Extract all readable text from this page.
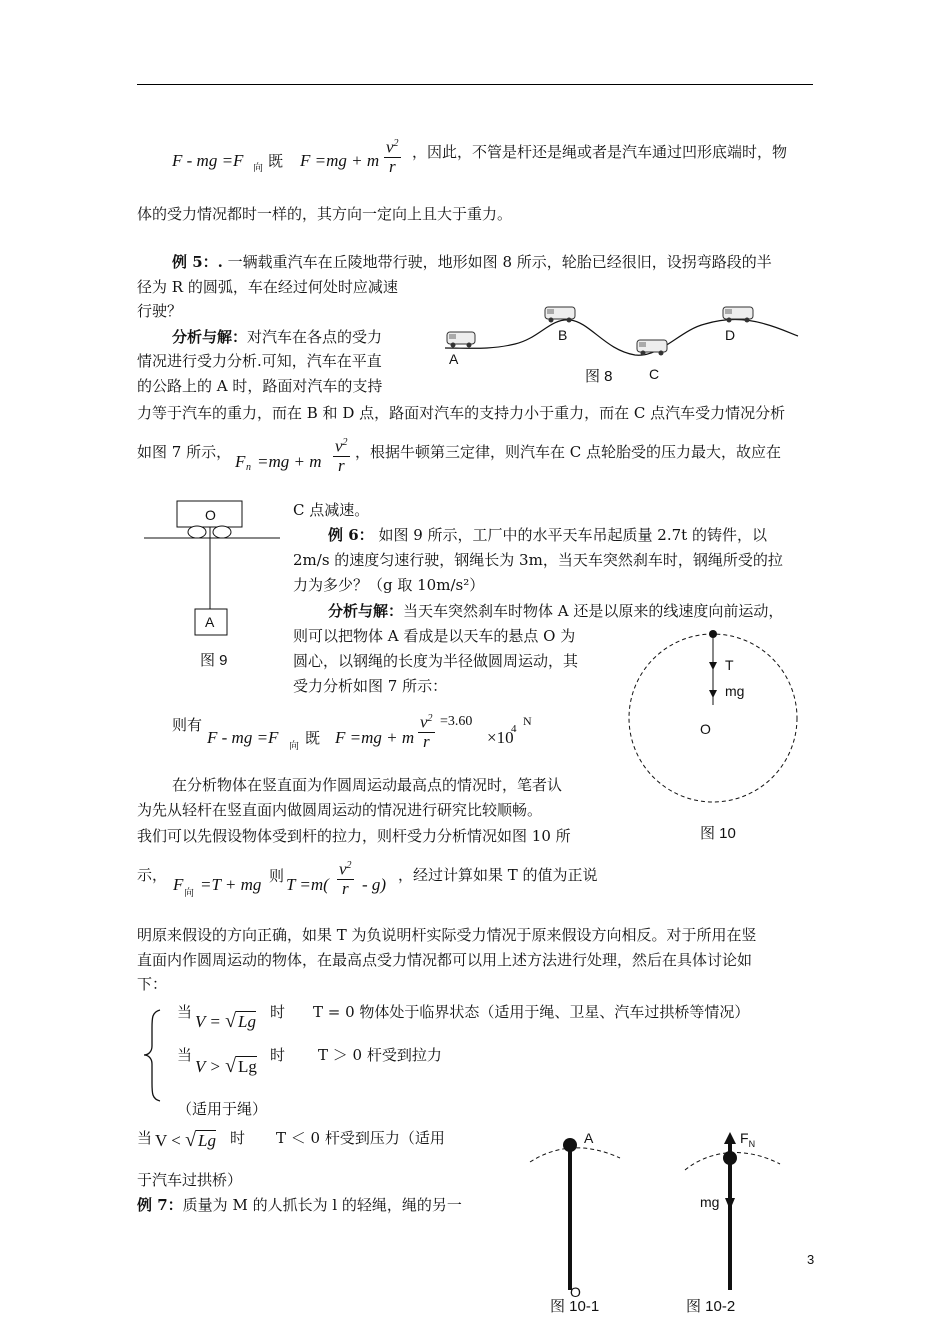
F - mg =F 向 既 F =mg + m $\frac{v^2}{r}$ ，因此，不管是杆还是绳或者是汽车通过凹形底端时，物
体的受力情况都时一样的，其方向一定向上且大于重力。
例 5：. 一辆载重汽车在丘陵地带行驶，地形如图 8 所示，轮胎已经很旧，设拐弯路段的半
径为 R 的圆弧，车在经过何处时应减速
行驶？
分析与解：对汽车在各点的受力
情况进行受力分析.可知，汽车在平直
的公路上的 A 时，路面对汽车的支持
力等于汽车的重力，而在 B 和 D 点，路面对汽车的支持力小于重力，而在 C 点汽车受力情况分析
A
B
C
D
图 8
如图 7 所示， F n =mg + m $\frac{v^2}{r}$ ，根据牛顿第三定律，则汽车在 C 点轮胎受的压力最大，故应在
O
A
图 9
C 点减速。
例 6： 如图 9 所示，工厂中的水平天车吊起质量 2.7t 的铸件，以
2m/s 的速度匀速行驶，钢绳长为 3m，当天车突然刹车时，钢绳所受的拉
力为多少？（g 取 10m/s²）
分析与解：当天车突然刹车时物体 A 还是以原来的线速度向前运动，
则可以把物体 A 看成是以天车的悬点 O 为
圆心，以钢绳的长度为半径做圆周运动，其
受力分析如图 7 所示：
T
mg
O
图 10
则有
F - mg =F 向 既 F =mg + m $\frac{v^2}{r} =3.60$
×10
4
N
在分析物体在竖直面为作圆周运动最高点的情况时，笔者认
为先从轻杆在竖直面内做圆周运动的情况进行研究比较顺畅。
我们可以先假设物体受到杆的拉力，则杆受力分析情况如图 10 所
示， F 向 =T + mg 则 $T =m( \frac{v^2}{r} - g)$ ，经过计算如果 T 的值为正说
明原来假设的方向正确，如果 T 为负说明杆实际受力情况于原来假设方向相反。对于所用在竖
直面内作圆周运动的物体，在最高点受力情况都可以用上述方法进行处理，然后在具体讨论如
下：
当 V = √ Lg 时 T = 0 物体处于临界状态（适用于绳、卫星、汽车过拱桥等情况）
当
V > √ Lg
时 T ＞ 0 杆受到拉力
（适用于绳）
当 V < √ Lg 时 T ＜ 0 杆受到压力（适用
于汽车过拱桥）
例 7：质量为 M 的人抓长为 l 的轻绳，绳的另一
A
O
图 10-1
$F_N$
mg
图 10-2
3
